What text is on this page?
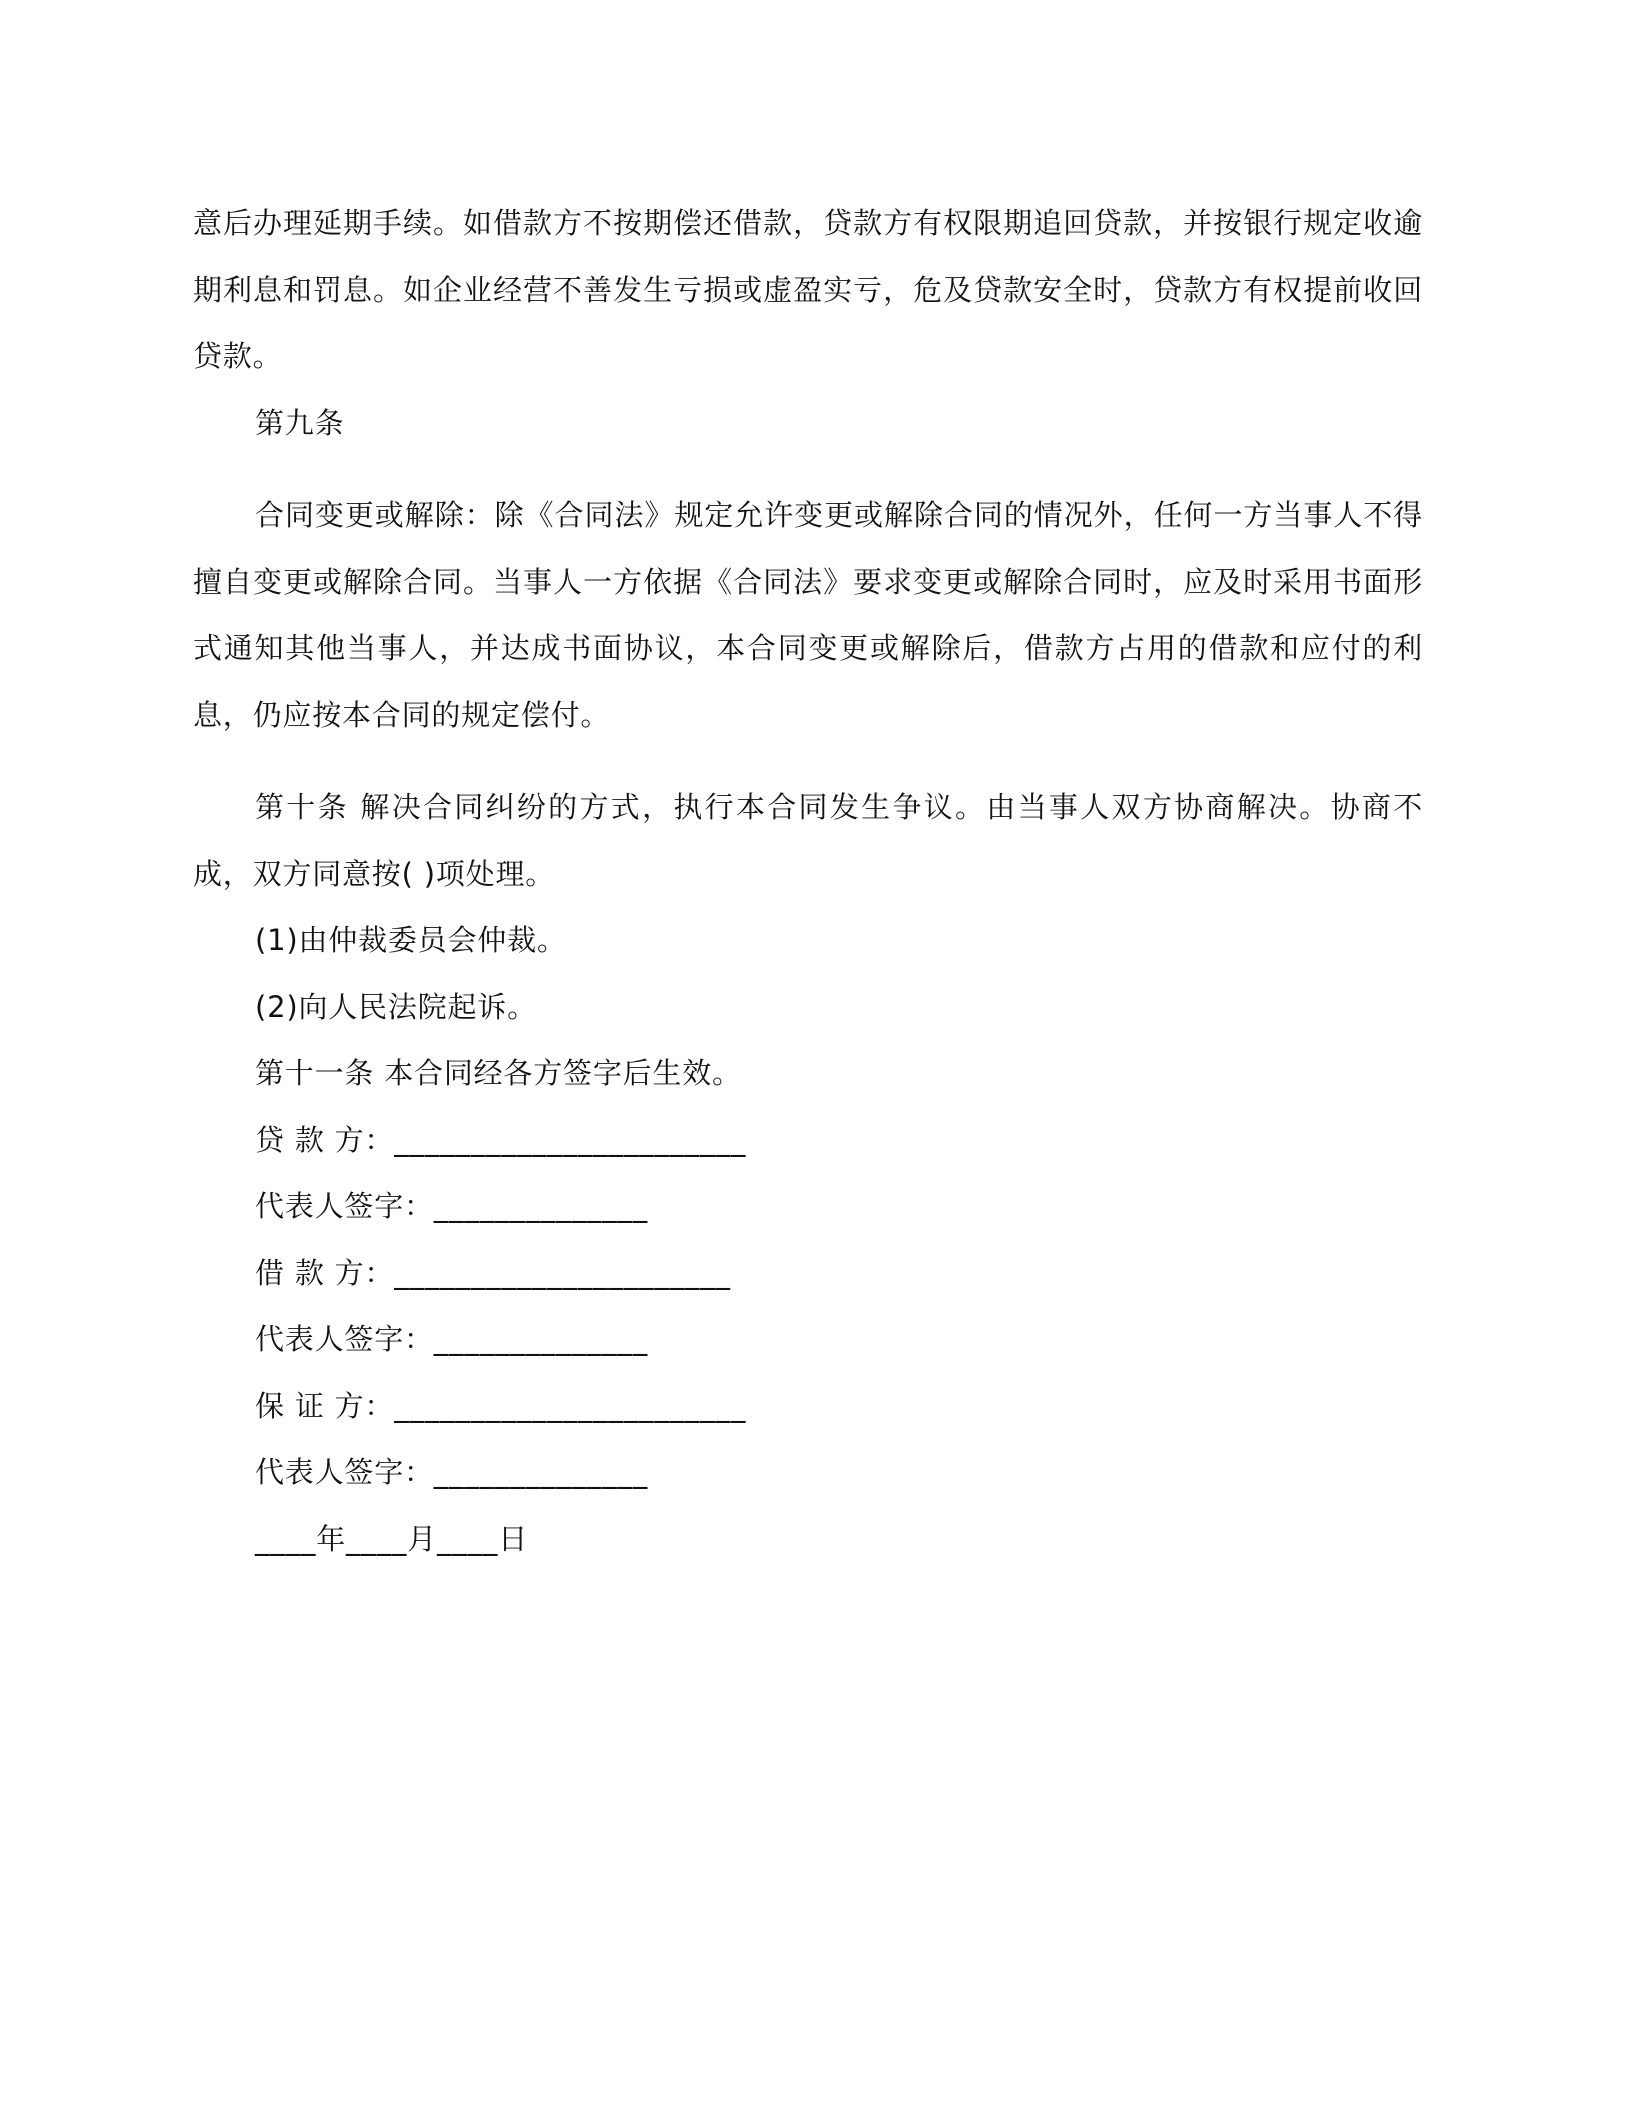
意后办理延期手续。如借款方不按期偿还借款，贷款方有权限期追回贷款，并按银行规定收逾期利息和罚息。如企业经营不善发生亏损或虚盈实亏，危及贷款安全时，贷款方有权提前收回贷款。

第九条

合同变更或解除：除《合同法》规定允许变更或解除合同的情况外，任何一方当事人不得擅自变更或解除合同。当事人一方依据《合同法》要求变更或解除合同时，应及时采用书面形式通知其他当事人，并达成书面协议，本合同变更或解除后，借款方占用的借款和应付的利息，仍应按本合同的规定偿付。

第十条 解决合同纠纷的方式，执行本合同发生争议。由当事人双方协商解决。协商不成，双方同意按( )项处理。

(1)由仲裁委员会仲裁。

(2)向人民法院起诉。

第十一条 本合同经各方签字后生效。

贷 款 方：_______________________

代表人签字：______________

借 款 方：______________________

代表人签字：______________

保 证 方：_______________________

代表人签字：______________

____年____月____日
